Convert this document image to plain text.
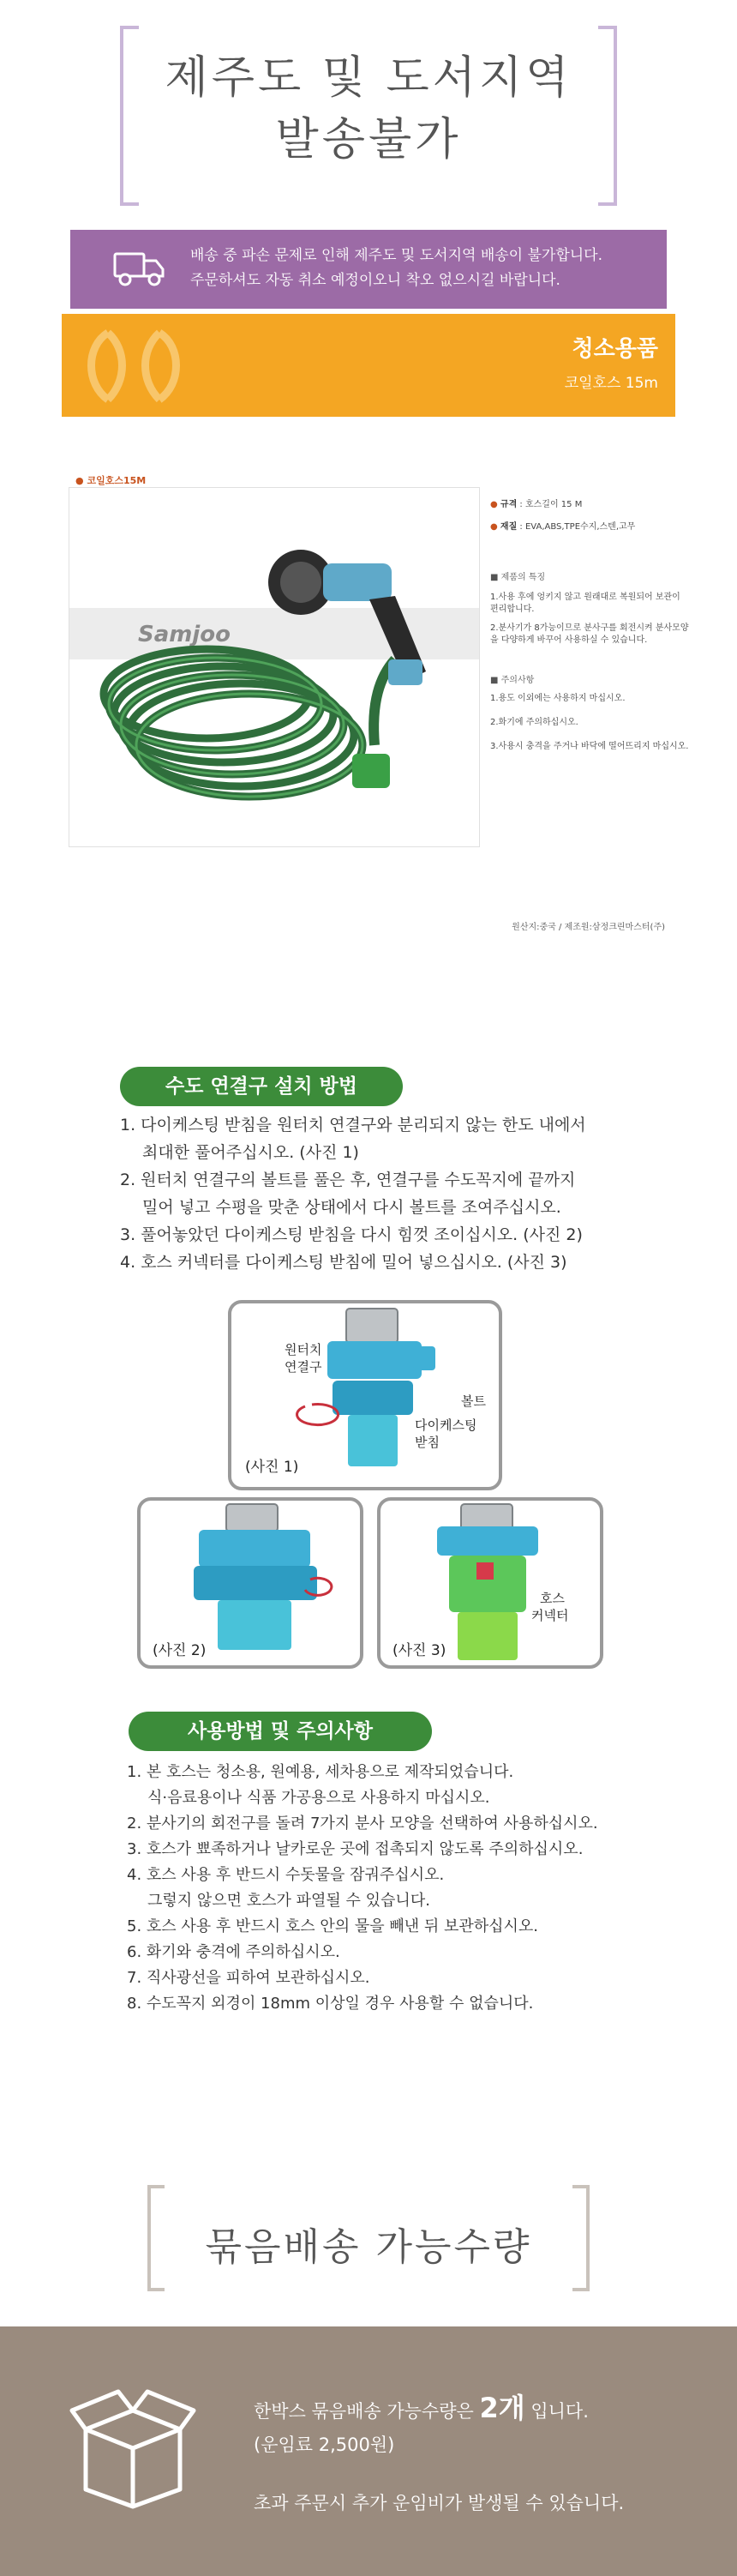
제주도 및 도서지역
발송불가
배송 중 파손 문제로 인해 제주도 및 도서지역 배송이 불가합니다.
주문하셔도 자동 취소 예정이오니 착오 없으시길 바랍니다.
청소용품
코일호스 15m
● 코일호스15M
Samjoo
● 규격 : 호스길이 15 M
● 재질 : EVA,ABS,TPE수지,스텐,고무
■ 제품의 특징
1.사용 후에 엉키지 않고 원래대로 복원되어 보관이
편리합니다.
2.분사기가 8가능이므로 분사구를 회전시켜 분사모양
을 다양하게 바꾸어 사용하실 수 있습니다.
■ 주의사항
1.용도 이외에는 사용하지 마십시오.
2.화기에 주의하십시오.
3.사용시 충격을 주거나 바닥에 떨어뜨리지 마십시오.
원산지:중국 / 제조원:삼정크린마스터(주)
수도 연결구 설치 방법
1. 다이케스팅 받침을 원터치 연결구와 분리되지 않는 한도 내에서
최대한 풀어주십시오. (사진 1)
2. 원터치 연결구의 볼트를 풀은 후, 연결구를 수도꼭지에 끝까지
밀어 넣고 수평을 맞춘 상태에서 다시 볼트를 조여주십시오.
3. 풀어놓았던 다이케스팅 받침을 다시 힘껏 조이십시오. (사진 2)
4. 호스 커넥터를 다이케스팅 받침에 밀어 넣으십시오. (사진 3)
원터치
연결구
볼트
다이케스팅
받침
(사진 1)
(사진 2)
호스
커넥터
(사진 3)
사용방법 및 주의사항
1. 본 호스는 청소용, 원예용, 세차용으로 제작되었습니다.
식·음료용이나 식품 가공용으로 사용하지 마십시오.
2. 분사기의 회전구를 돌려 7가지 분사 모양을 선택하여 사용하십시오.
3. 호스가 뾰족하거나 날카로운 곳에 접촉되지 않도록 주의하십시오.
4. 호스 사용 후 반드시 수돗물을 잠궈주십시오.
그렇지 않으면 호스가 파열될 수 있습니다.
5. 호스 사용 후 반드시 호스 안의 물을 빼낸 뒤 보관하십시오.
6. 화기와 충격에 주의하십시오.
7. 직사광선을 피하여 보관하십시오.
8. 수도꼭지 외경이 18mm 이상일 경우 사용할 수 없습니다.
묶음배송 가능수량
한박스 묶음배송 가능수량은 2개 입니다.
(운임료 2,500원)
초과 주문시 추가 운임비가 발생될 수 있습니다.
